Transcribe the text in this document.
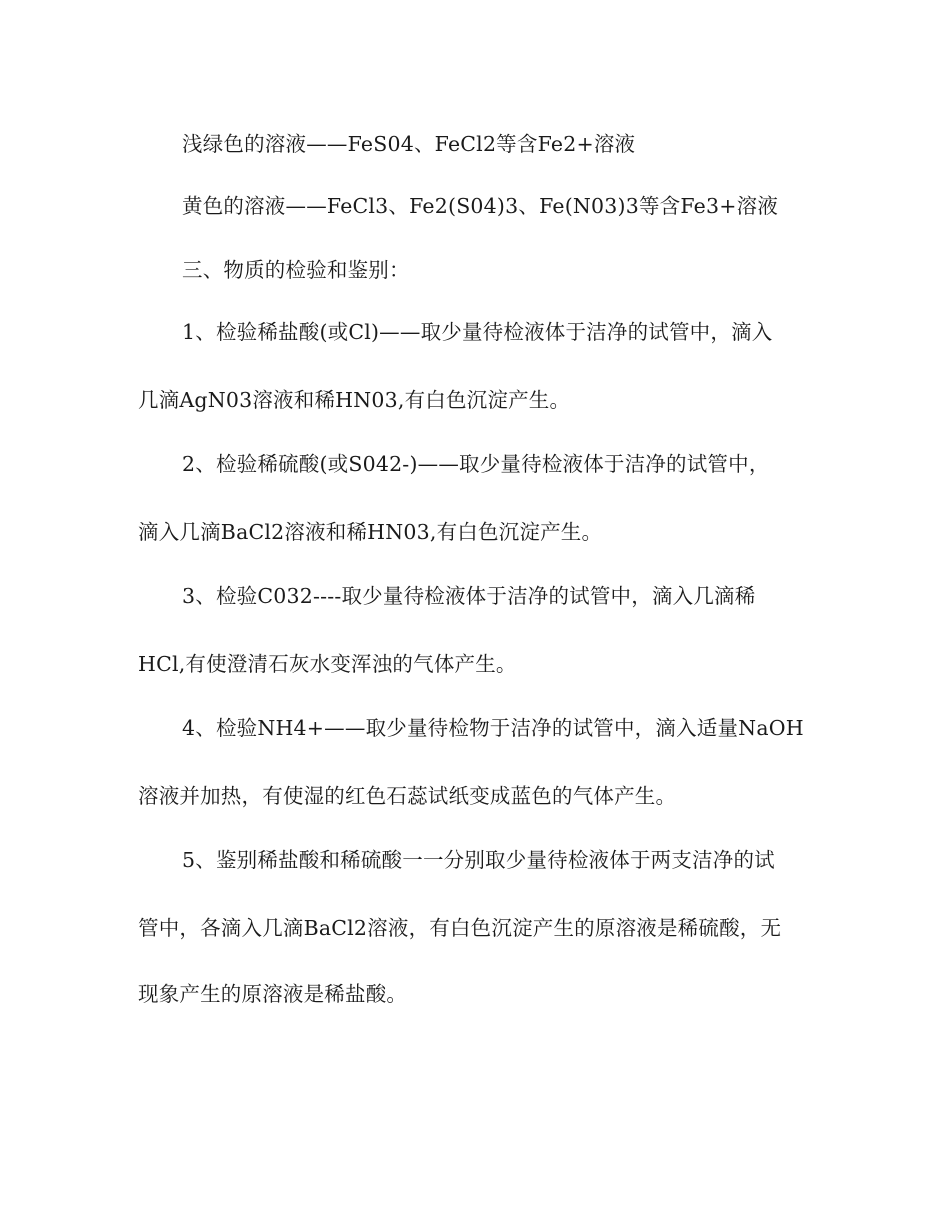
浅绿色的溶液——FeS04、FeCl2等含Fe2+溶液
黄色的溶液——FeCl3、Fe2(S04)3、Fe(N03)3等含Fe3+溶液
三、物质的检验和鉴别：
1、检验稀盐酸(或Cl)——取少量待检液体于洁净的试管中，滴入
几滴AgN03溶液和稀HN03,有白色沉淀产生。
2、检验稀硫酸(或S042-)——取少量待检液体于洁净的试管中，
滴入几滴BaCl2溶液和稀HN03,有白色沉淀产生。
3、检验C032----取少量待检液体于洁净的试管中，滴入几滴稀
HCl,有使澄清石灰水变浑浊的气体产生。
4、检验NH4+——取少量待检物于洁净的试管中，滴入适量NaOH
溶液并加热，有使湿的红色石蕊试纸变成蓝色的气体产生。
5、鉴别稀盐酸和稀硫酸一一分别取少量待检液体于两支洁净的试
管中，各滴入几滴BaCl2溶液，有白色沉淀产生的原溶液是稀硫酸，无
现象产生的原溶液是稀盐酸。
